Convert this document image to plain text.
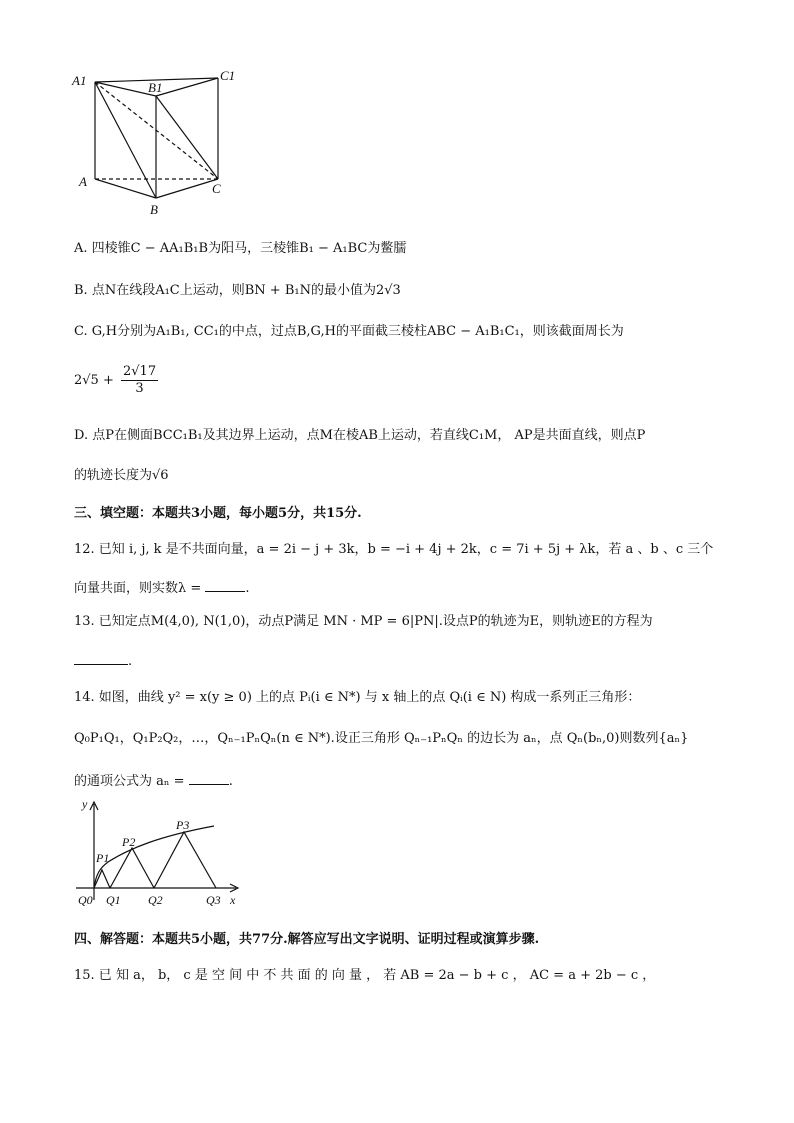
A1	B1
C1
A
B
C
A. 四棱锥C − AA₁B₁B为阳马，三棱锥B₁ − A₁BC为鳖臑
B. 点N在线段A₁C上运动，则BN + B₁N的最小值为2√3
C. G,H分别为A₁B₁, CC₁的中点，过点B,G,H的平面截三棱柱ABC − A₁B₁C₁，则该截面周长为
$2√5 + \frac{2√17}{3}$
D. 点P在侧面BCC₁B₁及其边界上运动，点M在棱AB上运动，若直线C₁M， AP是共面直线，则点P
的轨迹长度为√6
三、填空题：本题共3小题，每小题5分，共15分.
12. 已知 i, j, k 是不共面向量，a = 2i − j + 3k，b = −i + 4j + 2k，c = 7i + 5j + λk，若 a 、b 、c 三个
向量共面，则实数λ =	.
13. 已知定点M(4,0), N(1,0)，动点P满足 MN · MP = 6|PN|.设点P的轨迹为E，则轨迹E的方程为
.
14. 如图，曲线 y² = x(y ≥ 0) 上的点 Pᵢ(i ∈ N*) 与 x 轴上的点 Qᵢ(i ∈ N) 构成一系列正三角形：
Q₀P₁Q₁，Q₁P₂Q₂，…，Qₙ₋₁PₙQₙ(n ∈ N*).设正三角形 Qₙ₋₁PₙQₙ 的边长为 aₙ，点 Qₙ(bₙ,0)则数列{aₙ}
的通项公式为 aₙ =	.
y
x
P1
P2
P3
Q0 Q1 Q2	Q3
四、解答题：本题共5小题，共77分.解答应写出文字说明、证明过程或演算步骤.
15. 已 知 a， b， c 是 空 间 中 不 共 面 的 向 量 ， 若 AB = 2a − b + c ， AC = a + 2b − c ，
